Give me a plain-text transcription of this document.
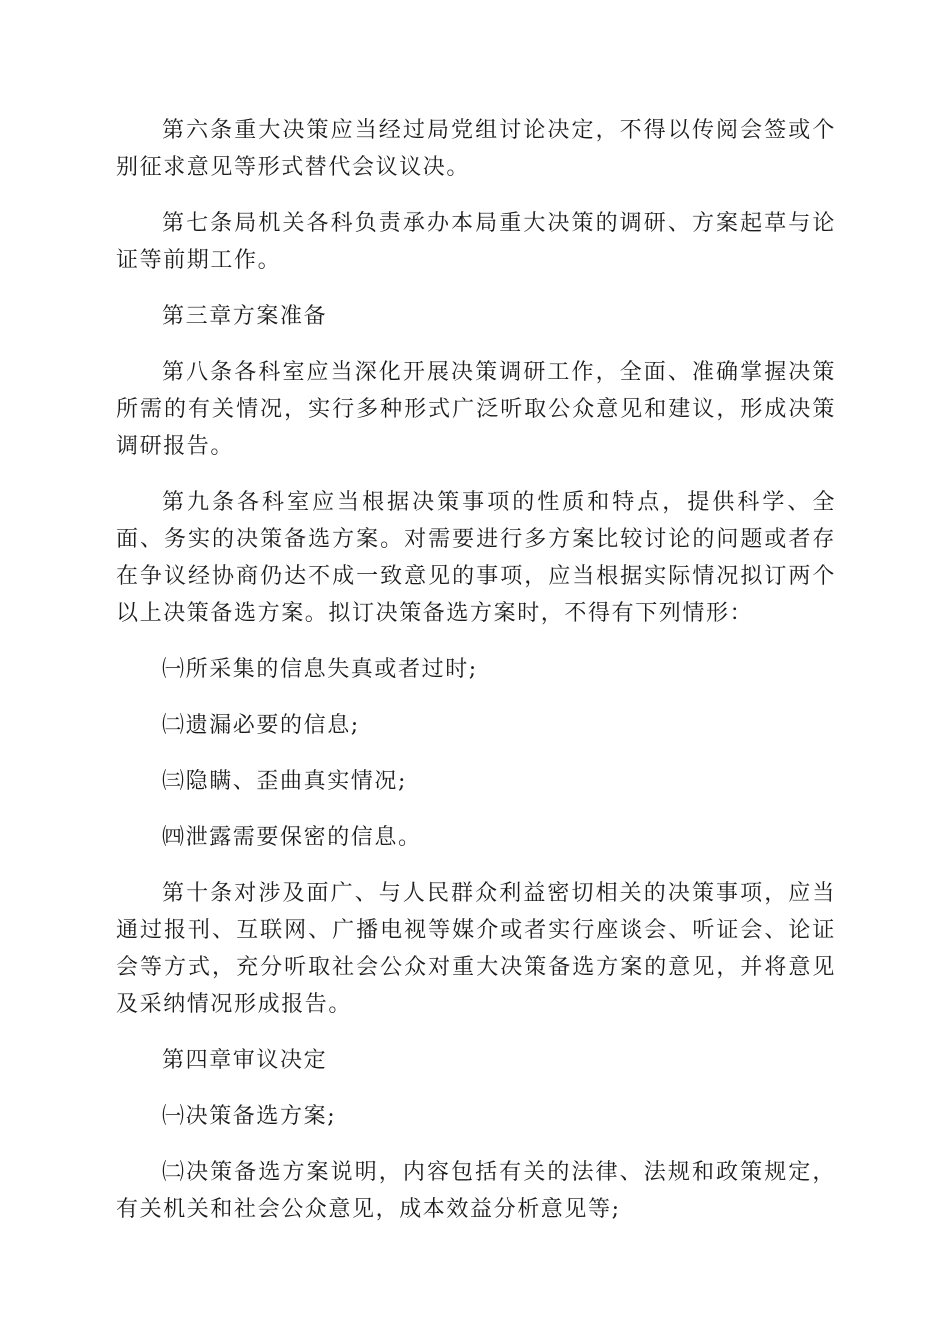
第六条重大决策应当经过局党组讨论决定，不得以传阅会签或个别征求意见等形式替代会议议决。

第七条局机关各科负责承办本局重大决策的调研、方案起草与论证等前期工作。

第三章方案准备

第八条各科室应当深化开展决策调研工作，全面、准确掌握决策所需的有关情况，实行多种形式广泛听取公众意见和建议，形成决策调研报告。

第九条各科室应当根据决策事项的性质和特点，提供科学、全面、务实的决策备选方案。对需要进行多方案比较讨论的问题或者存在争议经协商仍达不成一致意见的事项，应当根据实际情况拟订两个以上决策备选方案。拟订决策备选方案时，不得有下列情形：

㈠所采集的信息失真或者过时;

㈡遗漏必要的信息;

㈢隐瞒、歪曲真实情况;

㈣泄露需要保密的信息。

第十条对涉及面广、与人民群众利益密切相关的决策事项，应当通过报刊、互联网、广播电视等媒介或者实行座谈会、听证会、论证会等方式，充分听取社会公众对重大决策备选方案的意见，并将意见及采纳情况形成报告。

第四章审议决定

㈠决策备选方案;

㈡决策备选方案说明，内容包括有关的法律、法规和政策规定，有关机关和社会公众意见，成本效益分析意见等;
